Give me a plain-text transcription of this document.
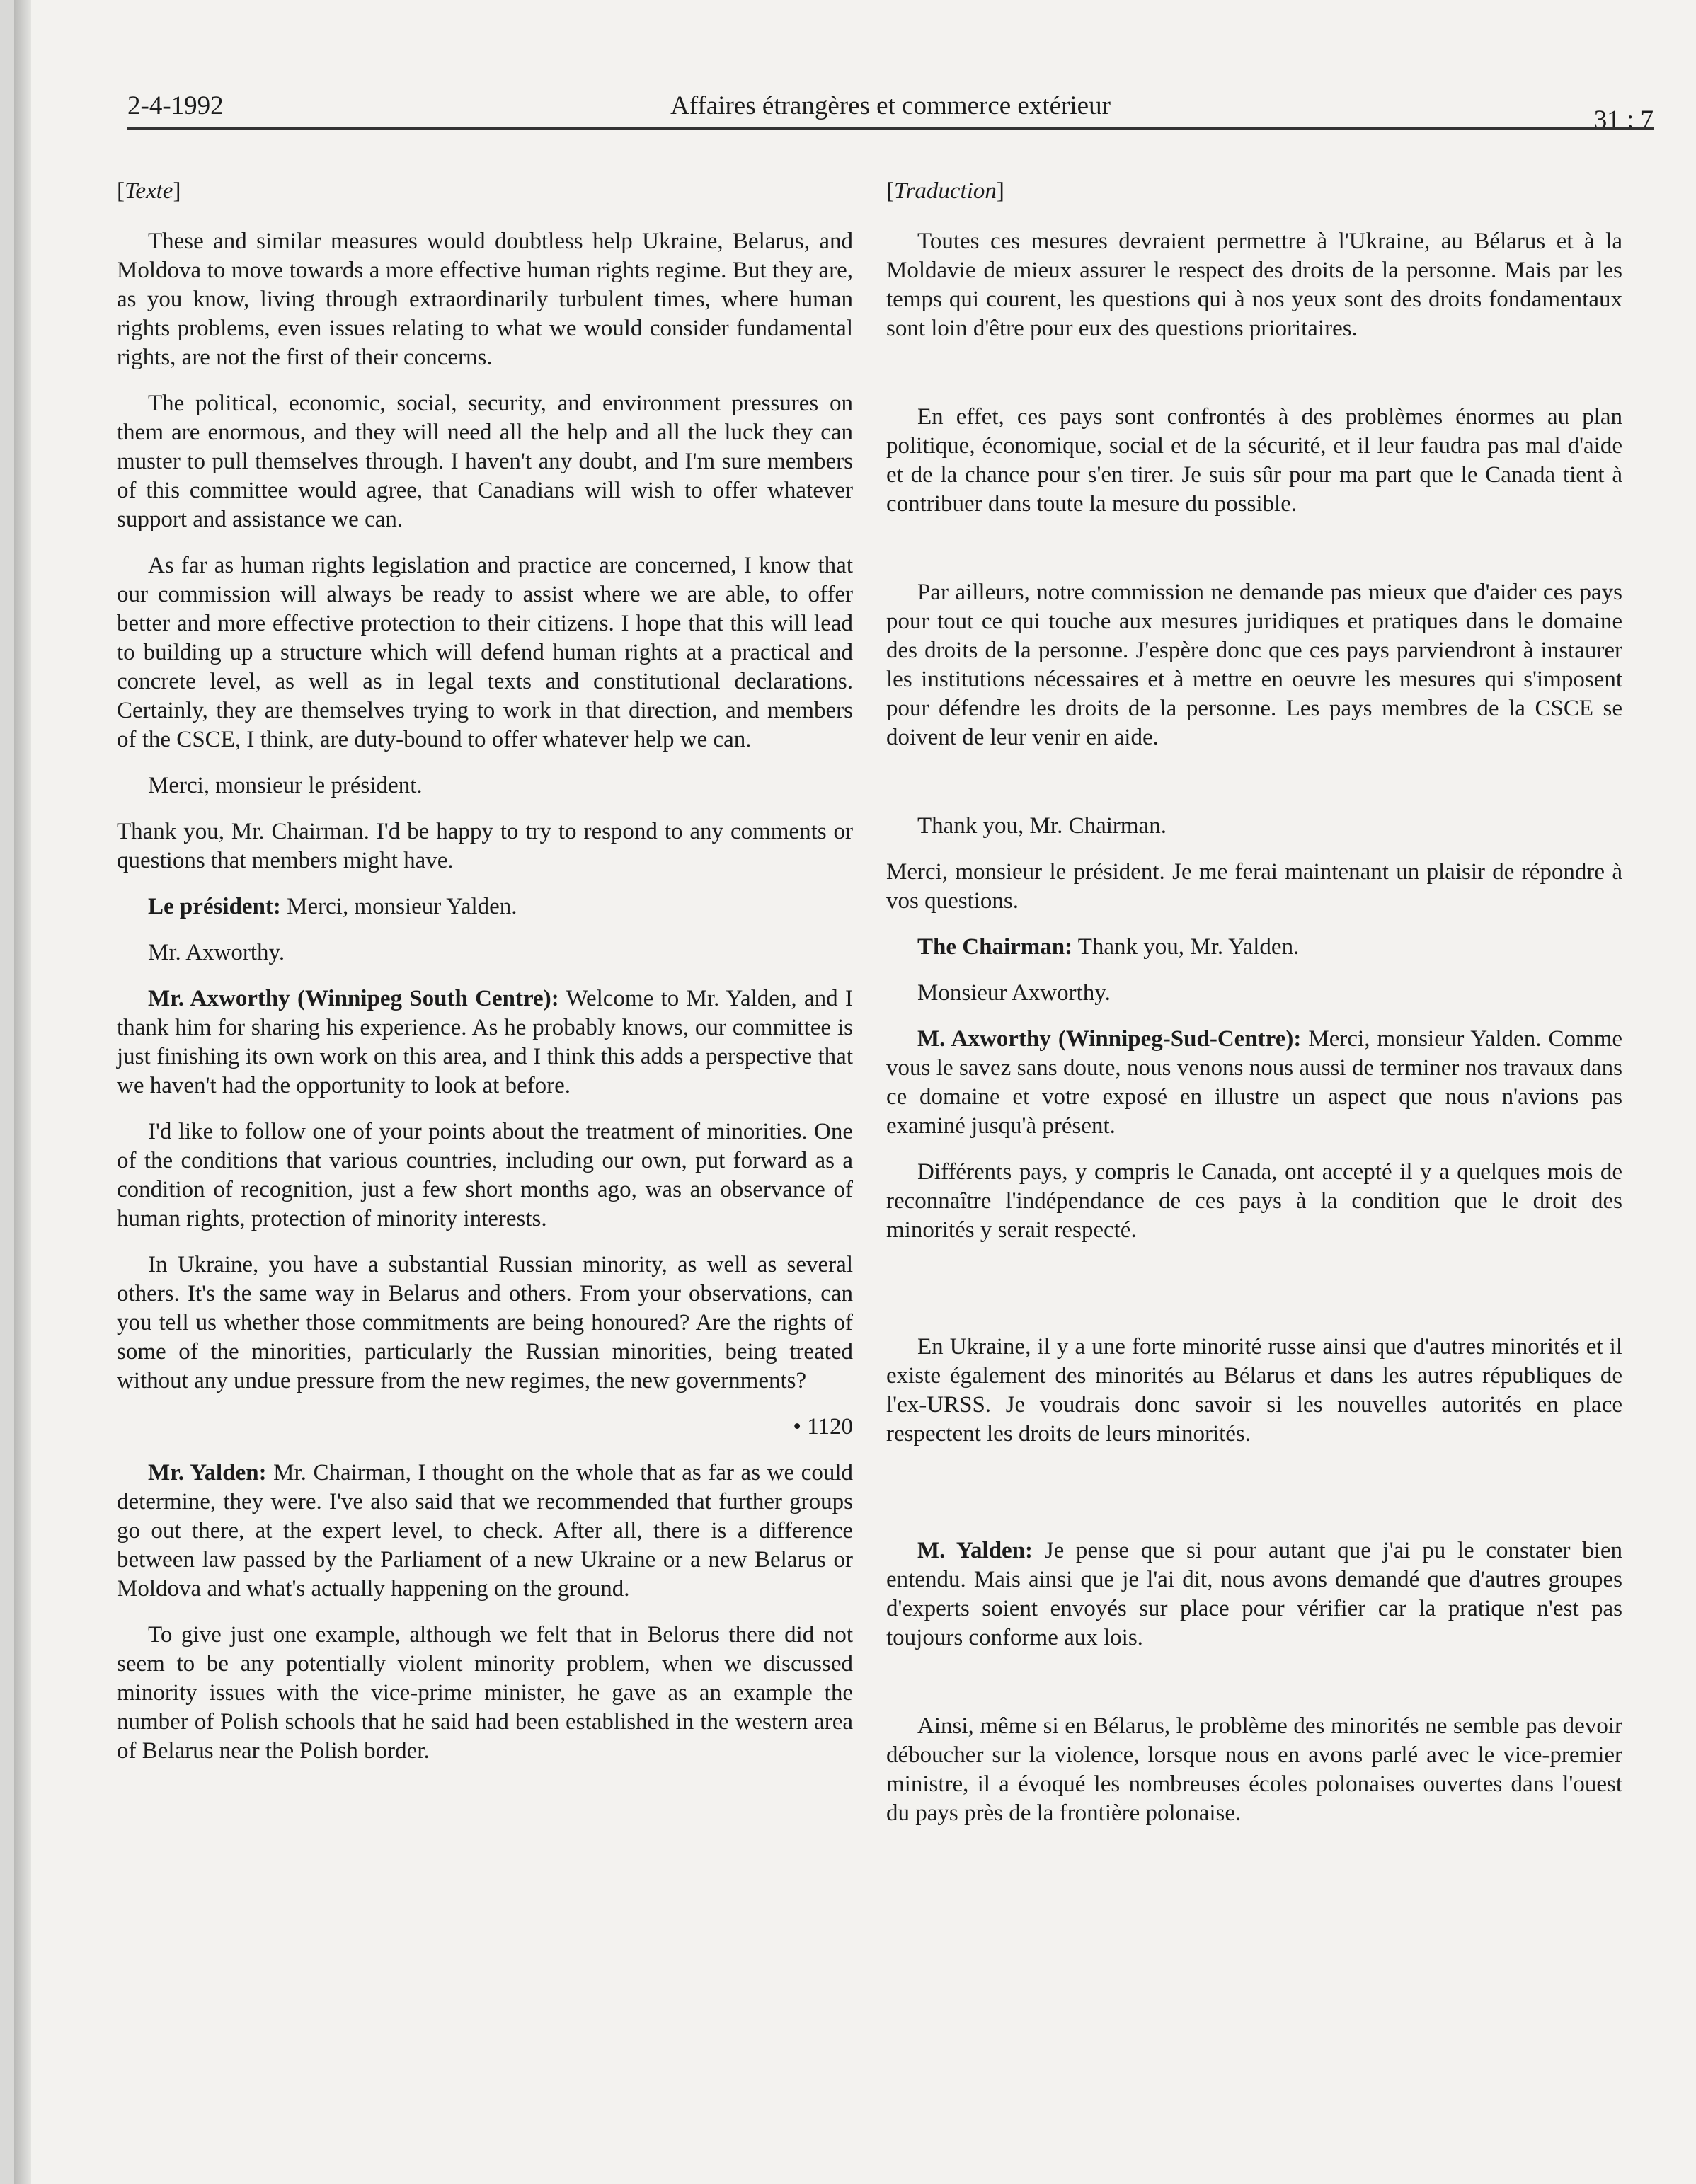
2-4-1992	Affaires étrangères et commerce extérieur	31 : 7

[Texte]

These and similar measures would doubtless help Ukraine, Belarus, and Moldova to move towards a more effective human rights regime. But they are, as you know, living through extraordinarily turbulent times, where human rights problems, even issues relating to what we would consider fundamental rights, are not the first of their concerns.

The political, economic, social, security, and environment pressures on them are enormous, and they will need all the help and all the luck they can muster to pull themselves through. I haven't any doubt, and I'm sure members of this committee would agree, that Canadians will wish to offer whatever support and assistance we can.

As far as human rights legislation and practice are concerned, I know that our commission will always be ready to assist where we are able, to offer better and more effective protection to their citizens. I hope that this will lead to building up a structure which will defend human rights at a practical and concrete level, as well as in legal texts and constitutional declarations. Certainly, they are themselves trying to work in that direction, and members of the CSCE, I think, are duty-bound to offer whatever help we can.

Merci, monsieur le président.

Thank you, Mr. Chairman. I'd be happy to try to respond to any comments or questions that members might have.

Le président: Merci, monsieur Yalden.

Mr. Axworthy.

Mr. Axworthy (Winnipeg South Centre): Welcome to Mr. Yalden, and I thank him for sharing his experience. As he probably knows, our committee is just finishing its own work on this area, and I think this adds a perspective that we haven't had the opportunity to look at before.

I'd like to follow one of your points about the treatment of minorities. One of the conditions that various countries, including our own, put forward as a condition of recognition, just a few short months ago, was an observance of human rights, protection of minority interests.

In Ukraine, you have a substantial Russian minority, as well as several others. It's the same way in Belarus and others. From your observations, can you tell us whether those commitments are being honoured? Are the rights of some of the minorities, particularly the Russian minorities, being treated without any undue pressure from the new regimes, the new governments?

• 1120

Mr. Yalden: Mr. Chairman, I thought on the whole that as far as we could determine, they were. I've also said that we recommended that further groups go out there, at the expert level, to check. After all, there is a difference between law passed by the Parliament of a new Ukraine or a new Belarus or Moldova and what's actually happening on the ground.

To give just one example, although we felt that in Belorus there did not seem to be any potentially violent minority problem, when we discussed minority issues with the vice-prime minister, he gave as an example the number of Polish schools that he said had been established in the western area of Belarus near the Polish border.

[Traduction]

Toutes ces mesures devraient permettre à l'Ukraine, au Bélarus et à la Moldavie de mieux assurer le respect des droits de la personne. Mais par les temps qui courent, les questions qui à nos yeux sont des droits fondamentaux sont loin d'être pour eux des questions prioritaires.

En effet, ces pays sont confrontés à des problèmes énormes au plan politique, économique, social et de la sécurité, et il leur faudra pas mal d'aide et de la chance pour s'en tirer. Je suis sûr pour ma part que le Canada tient à contribuer dans toute la mesure du possible.

Par ailleurs, notre commission ne demande pas mieux que d'aider ces pays pour tout ce qui touche aux mesures juridiques et pratiques dans le domaine des droits de la personne. J'espère donc que ces pays parviendront à instaurer les institutions nécessaires et à mettre en oeuvre les mesures qui s'imposent pour défendre les droits de la personne. Les pays membres de la CSCE se doivent de leur venir en aide.

Thank you, Mr. Chairman.

Merci, monsieur le président. Je me ferai maintenant un plaisir de répondre à vos questions.

The Chairman: Thank you, Mr. Yalden.

Monsieur Axworthy.

M. Axworthy (Winnipeg-Sud-Centre): Merci, monsieur Yalden. Comme vous le savez sans doute, nous venons nous aussi de terminer nos travaux dans ce domaine et votre exposé en illustre un aspect que nous n'avions pas examiné jusqu'à présent.

Différents pays, y compris le Canada, ont accepté il y a quelques mois de reconnaître l'indépendance de ces pays à la condition que le droit des minorités y serait respecté.

En Ukraine, il y a une forte minorité russe ainsi que d'autres minorités et il existe également des minorités au Bélarus et dans les autres républiques de l'ex-URSS. Je voudrais donc savoir si les nouvelles autorités en place respectent les droits de leurs minorités.

M. Yalden: Je pense que si pour autant que j'ai pu le constater bien entendu. Mais ainsi que je l'ai dit, nous avons demandé que d'autres groupes d'experts soient envoyés sur place pour vérifier car la pratique n'est pas toujours conforme aux lois.

Ainsi, même si en Bélarus, le problème des minorités ne semble pas devoir déboucher sur la violence, lorsque nous en avons parlé avec le vice-premier ministre, il a évoqué les nombreuses écoles polonaises ouvertes dans l'ouest du pays près de la frontière polonaise.
